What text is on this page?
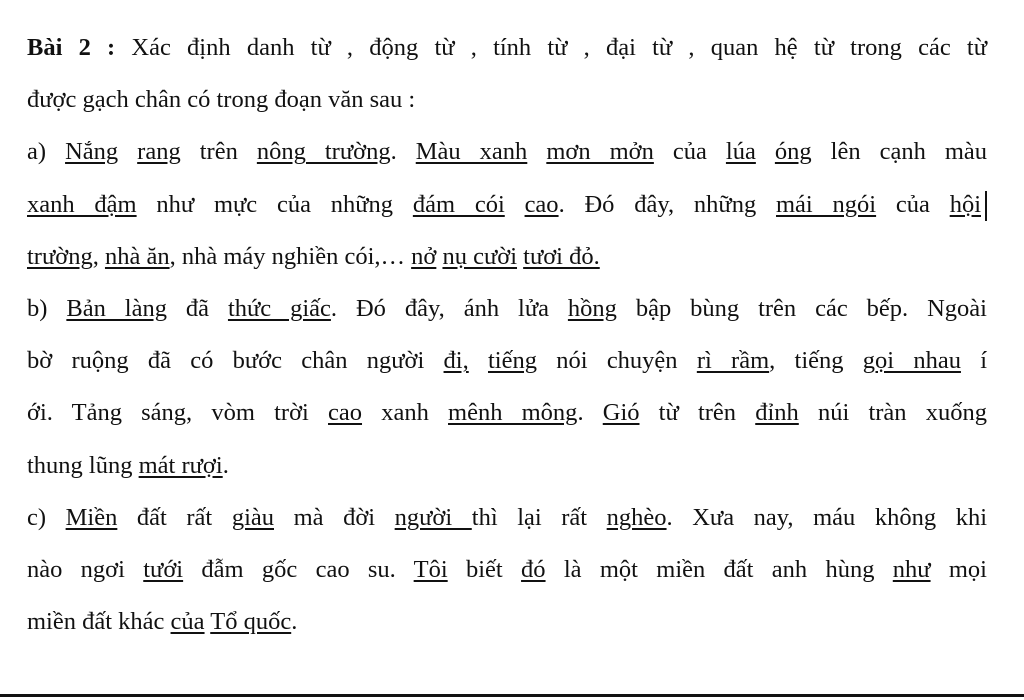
Bài 2 : Xác định danh từ , động từ , tính từ , đại từ , quan hệ từ trong các từ
được gạch chân có trong đoạn văn sau :
a) Nắng rang trên nông trường. Màu xanh mơn mởn của lúa óng lên cạnh màu
xanh đậm như mực của những đám cói cao. Đó đây, những mái ngói của hội
trường, nhà ăn, nhà máy nghiền cói,… nở nụ cười tươi đỏ.
b) Bản làng đã thức giấc. Đó đây, ánh lửa hồng bập bùng trên các bếp. Ngoài
bờ ruộng đã có bước chân người đi, tiếng nói chuyện rì rầm, tiếng gọi nhau í
ới. Tảng sáng, vòm trời cao xanh mênh mông. Gió từ trên đỉnh núi tràn xuống
thung lũng mát rượi.
c) Miền đất rất giàu mà đời người thì lại rất nghèo. Xưa nay, máu không khi
nào ngơi tưới đẫm gốc cao su. Tôi biết đó là một miền đất anh hùng như mọi
miền đất khác của Tổ quốc.
